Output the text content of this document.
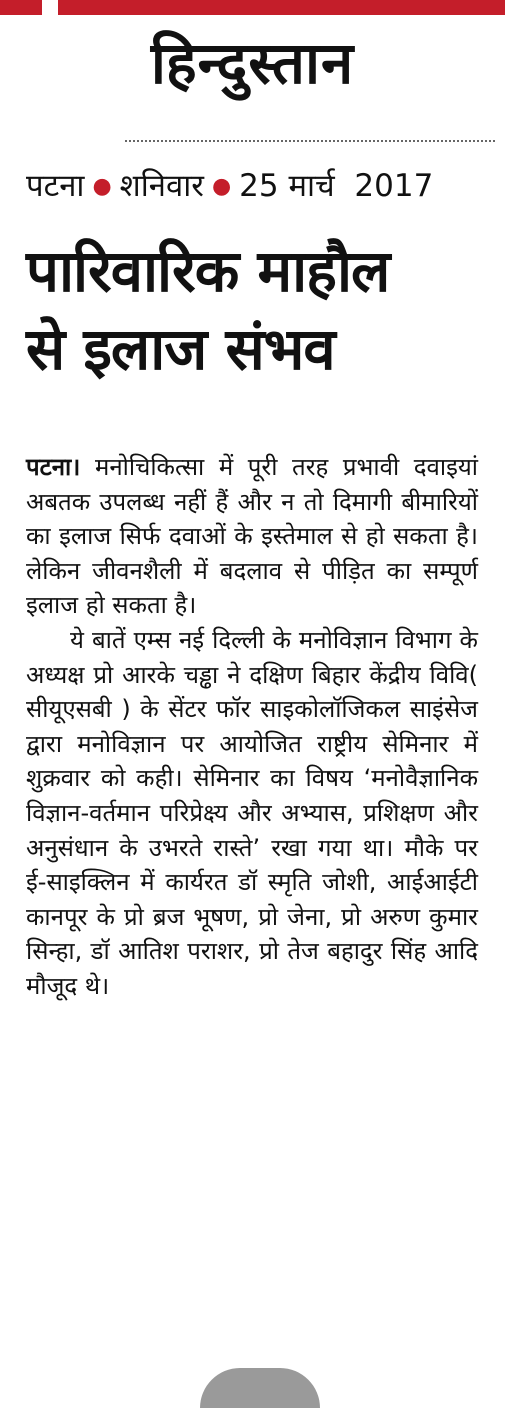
हिन्दुस्तान
पटना ● शनिवार ● 25 मार्च  2017
पारिवारिक माहौल
से इलाज संभव

पटना। मनोचिकित्सा में पूरी तरह प्रभावी दवाइयां अबतक उपलब्ध नहीं हैं और न तो दिमागी बीमारियों का इलाज सिर्फ दवाओं के इस्तेमाल से हो सकता है। लेकिन जीवनशैली में बदलाव से पीड़ित का सम्पूर्ण इलाज हो सकता है।

ये बातें एम्स नई दिल्ली के मनोविज्ञान विभाग के अध्यक्ष प्रो आरके चड्ढा ने दक्षिण बिहार केंद्रीय विवि( सीयूएसबी ) के सेंटर फॉर साइकोलॉजिकल साइंसेज द्वारा मनोविज्ञान पर आयोजित राष्ट्रीय सेमिनार में शुक्रवार को कही। सेमिनार का विषय ‘मनोवैज्ञानिक विज्ञान-वर्तमान परिप्रेक्ष्य और अभ्यास, प्रशिक्षण और अनुसंधान के उभरते रास्ते’ रखा गया था। मौके पर ई-साइक्लिन में कार्यरत डॉ स्मृति जोशी, आईआईटी कानपूर के प्रो ब्रज भूषण, प्रो जेना, प्रो अरुण कुमार सिन्हा, डॉ आतिश पराशर, प्रो तेज बहादुर सिंह आदि मौजूद थे।
